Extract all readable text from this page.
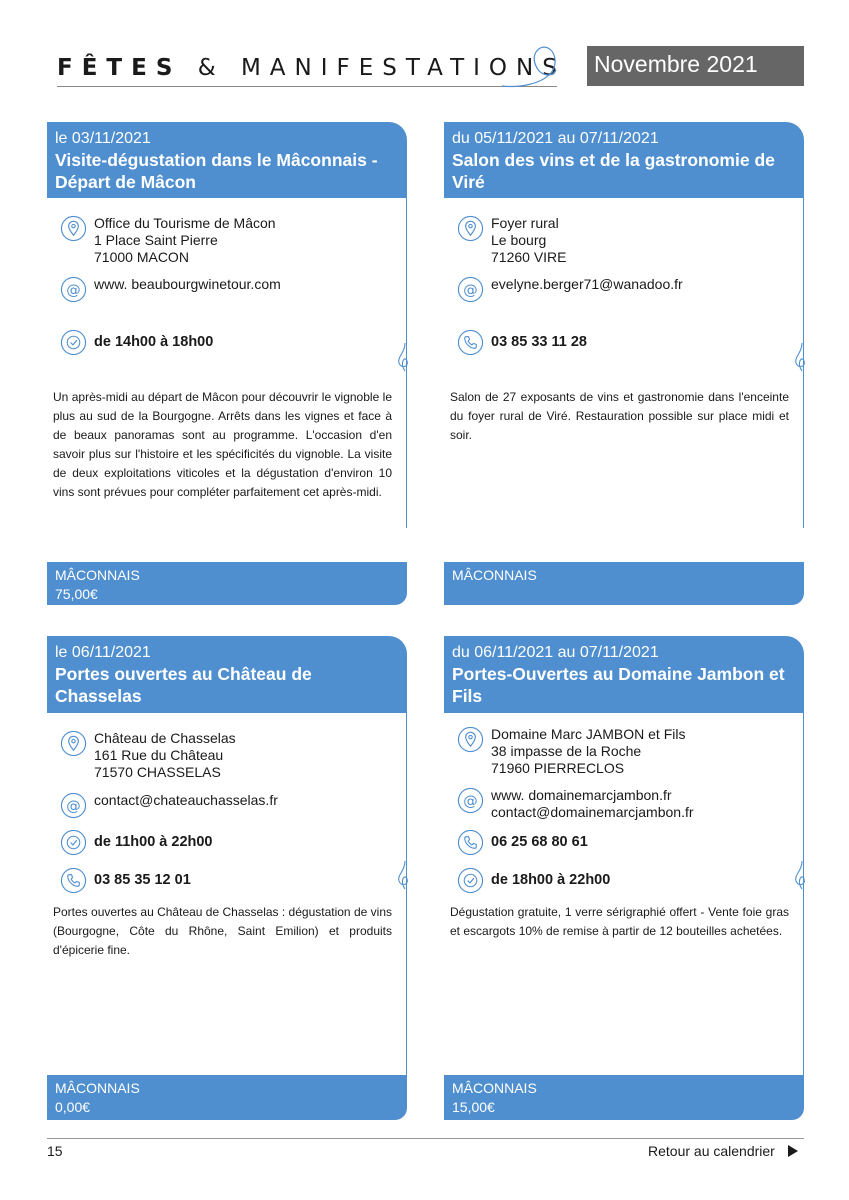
FÊTES & MANIFESTATIONS	Novembre 2021
le 03/11/2021
Visite-dégustation dans le Mâconnais - Départ de Mâcon
Office du Tourisme de Mâcon
1 Place Saint Pierre
71000 MACON
@ www. beaubourgwinetour.com
de 14h00 à 18h00
Un après-midi au départ de Mâcon pour découvrir le vignoble le plus au sud de la Bourgogne. Arrêts dans les vignes et face à de beaux panoramas sont au programme. L'occasion d'en savoir plus sur l'histoire et les spécificités du vignoble. La visite de deux exploitations viticoles et la dégustation d'environ 10 vins sont prévues pour compléter parfaitement cet après-midi.
MÂCONNAIS
75,00€
du 05/11/2021 au 07/11/2021
Salon des vins et de la gastronomie de Viré
Foyer rural
Le bourg
71260 VIRE
@ evelyne.berger71@wanadoo.fr
03 85 33 11 28
Salon de 27 exposants de vins et gastronomie dans l'enceinte du foyer rural de Viré. Restauration possible sur place midi et soir.
MÂCONNAIS
le 06/11/2021
Portes ouvertes au Château de Chasselas
Château de Chasselas
161 Rue du Château
71570 CHASSELAS
@ contact@chateauchasselas.fr
de 11h00 à 22h00
03 85 35 12 01
Portes ouvertes au Château de Chasselas : dégustation de vins (Bourgogne, Côte du Rhône, Saint Emilion) et produits d'épicerie fine.
MÂCONNAIS
0,00€
du 06/11/2021 au 07/11/2021
Portes-Ouvertes au Domaine Jambon et Fils
Domaine Marc JAMBON et Fils
38 impasse de la Roche
71960 PIERRECLOS
@ www. domainemarcjambon.fr
contact@domainemarcjambon.fr
06 25 68 80 61
de 18h00 à 22h00
Dégustation gratuite, 1 verre sérigraphié offert - Vente foie gras et escargots 10% de remise à partir de 12 bouteilles achetées.
MÂCONNAIS
15,00€
15	Retour au calendrier
